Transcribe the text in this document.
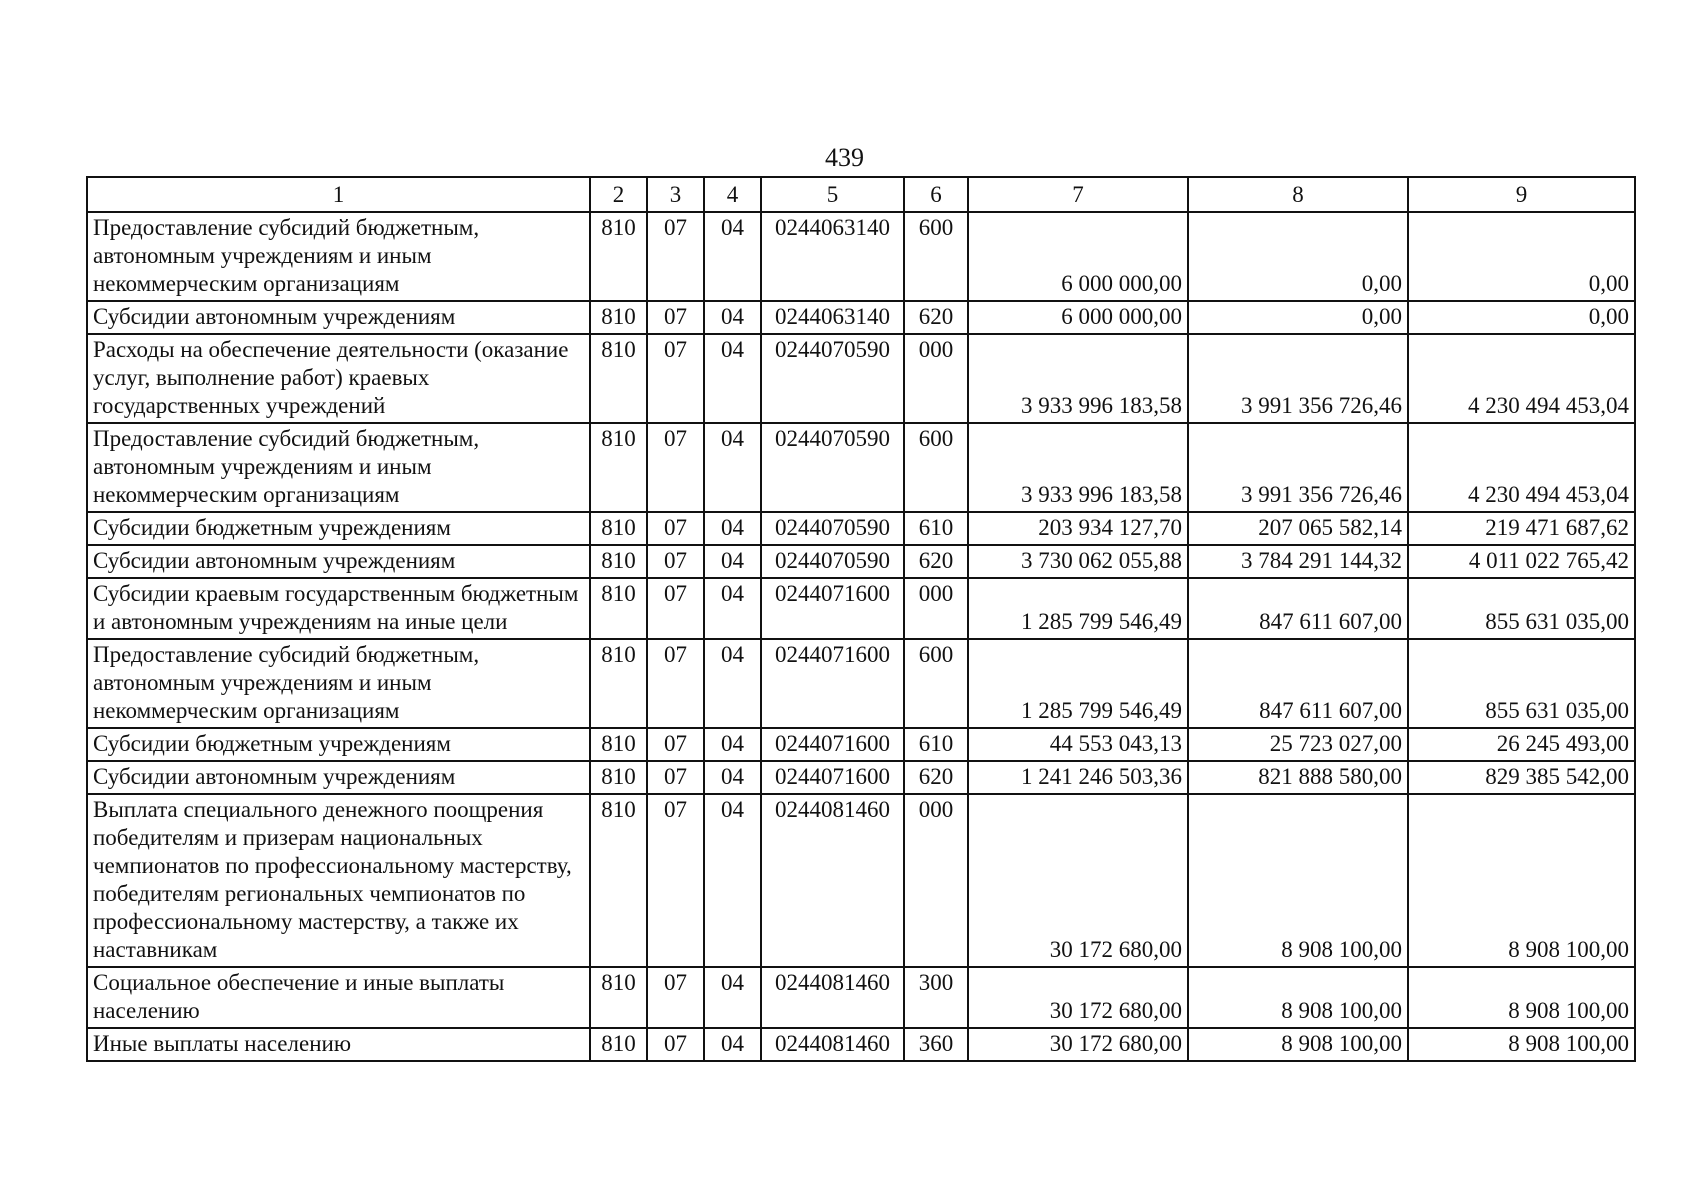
439
1	2	3	4	5	6	7	8	9
Предоставление субсидий бюджетным, автономным учреждениям и иным некоммерческим организациям	810	07	04	0244063140	600	6 000 000,00	0,00	0,00
Субсидии автономным учреждениям	810	07	04	0244063140	620	6 000 000,00	0,00	0,00
Расходы на обеспечение деятельности (оказание услуг, выполнение работ) краевых государственных учреждений	810	07	04	0244070590	000	3 933 996 183,58	3 991 356 726,46	4 230 494 453,04
Предоставление субсидий бюджетным, автономным учреждениям и иным некоммерческим организациям	810	07	04	0244070590	600	3 933 996 183,58	3 991 356 726,46	4 230 494 453,04
Субсидии бюджетным учреждениям	810	07	04	0244070590	610	203 934 127,70	207 065 582,14	219 471 687,62
Субсидии автономным учреждениям	810	07	04	0244070590	620	3 730 062 055,88	3 784 291 144,32	4 011 022 765,42
Субсидии краевым государственным бюджетным и автономным учреждениям на иные цели	810	07	04	0244071600	000	1 285 799 546,49	847 611 607,00	855 631 035,00
Предоставление субсидий бюджетным, автономным учреждениям и иным некоммерческим организациям	810	07	04	0244071600	600	1 285 799 546,49	847 611 607,00	855 631 035,00
Субсидии бюджетным учреждениям	810	07	04	0244071600	610	44 553 043,13	25 723 027,00	26 245 493,00
Субсидии автономным учреждениям	810	07	04	0244071600	620	1 241 246 503,36	821 888 580,00	829 385 542,00
Выплата специального денежного поощрения победителям и призерам национальных чемпионатов по профессиональному мастерству, победителям региональных чемпионатов по профессиональному мастерству, а также их наставникам	810	07	04	0244081460	000	30 172 680,00	8 908 100,00	8 908 100,00
Социальное обеспечение и иные выплаты населению	810	07	04	0244081460	300	30 172 680,00	8 908 100,00	8 908 100,00
Иные выплаты населению	810	07	04	0244081460	360	30 172 680,00	8 908 100,00	8 908 100,00
